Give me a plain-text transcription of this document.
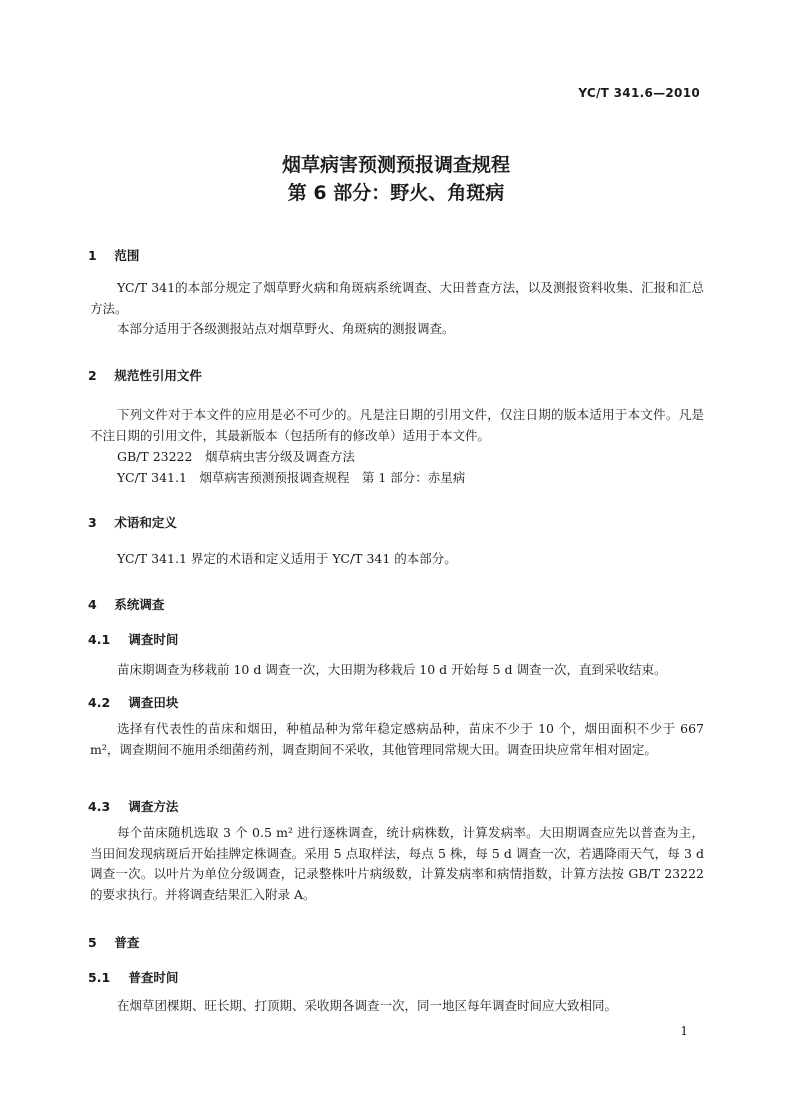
YC/T 341.6—2010
烟草病害预测预报调查规程
第 6 部分：野火、角斑病
1 范围

YC/T 341的本部分规定了烟草野火病和角斑病系统调查、大田普查方法，以及测报资料收集、汇报和汇总方法。

本部分适用于各级测报站点对烟草野火、角斑病的测报调查。

2 规范性引用文件

下列文件对于本文件的应用是必不可少的。凡是注日期的引用文件，仅注日期的版本适用于本文件。凡是不注日期的引用文件，其最新版本（包括所有的修改单）适用于本文件。

GB/T 23222　烟草病虫害分级及调查方法
YC/T 341.1　烟草病害预测预报调查规程　第 1 部分：赤星病
3 术语和定义

YC/T 341.1 界定的术语和定义适用于 YC/T 341 的本部分。

4 系统调查
4.1 调查时间

苗床期调查为移栽前 10 d 调查一次，大田期为移栽后 10 d 开始每 5 d 调查一次，直到采收结束。

4.2 调查田块

选择有代表性的苗床和烟田，种植品种为常年稳定感病品种，苗床不少于 10 个，烟田面积不少于 667 m²，调查期间不施用杀细菌药剂，调查期间不采收，其他管理同常规大田。调查田块应常年相对固定。

4.3 调查方法

每个苗床随机选取 3 个 0.5 m² 进行逐株调查，统计病株数，计算发病率。大田期调查应先以普查为主，当田间发现病斑后开始挂牌定株调查。采用 5 点取样法，每点 5 株，每 5 d 调查一次，若遇降雨天气，每 3 d 调查一次。以叶片为单位分级调查，记录整株叶片病级数，计算发病率和病情指数，计算方法按 GB/T 23222 的要求执行。并将调查结果汇入附录 A。

5 普查
5.1 普查时间

在烟草团棵期、旺长期、打顶期、采收期各调查一次，同一地区每年调查时间应大致相同。

1
